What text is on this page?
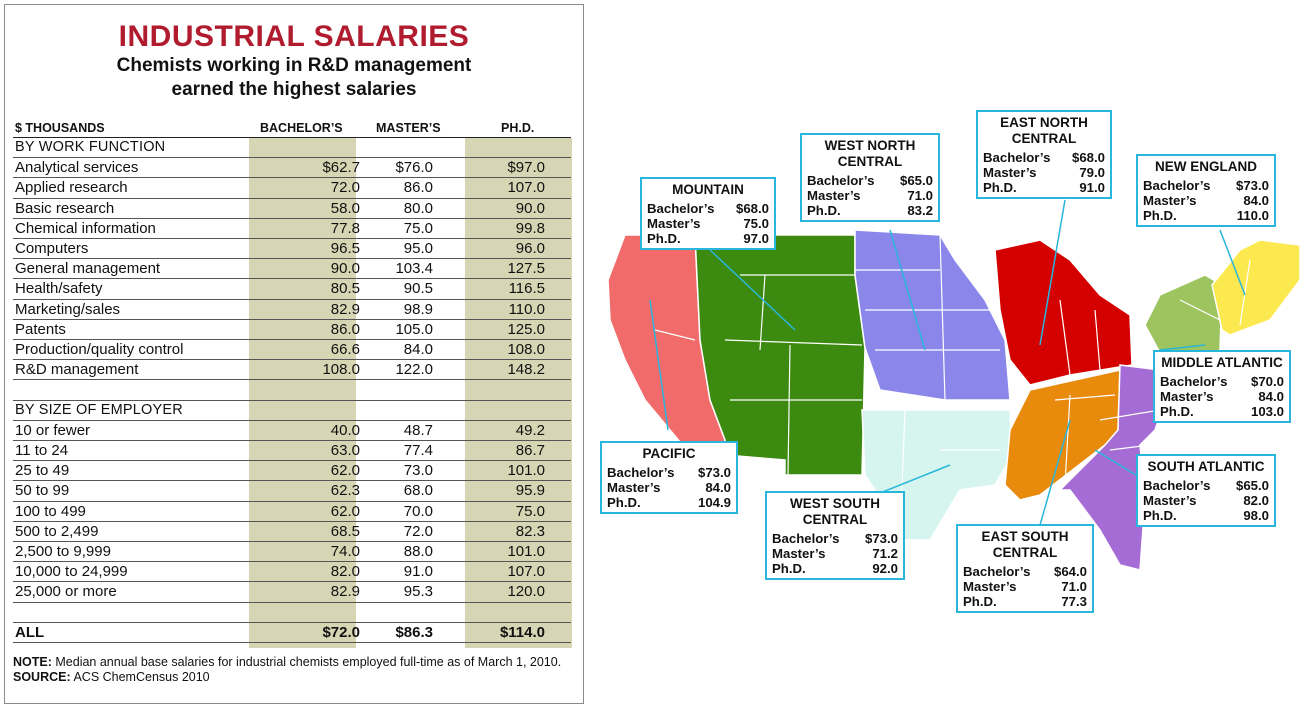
INDUSTRIAL SALARIES
Chemists working in R&D management
earned the highest salaries
$ THOUSANDS	BACHELOR’S	MASTER’S	PH.D.
BY WORK FUNCTION
Analytical services	$62.7 $76.0	$97.0
Applied research	72.0	86.0	107.0
Basic research	58.0	80.0	90.0
Chemical information	77.8	75.0	99.8
Computers	96.5	95.0	96.0
General management	90.0 103.4	127.5
Health/safety	80.5	90.5	116.5
Marketing/sales	82.9	98.9	110.0
Patents	86.0 105.0	125.0
Production/quality control	66.6	84.0	108.0
R&D management	108.0 122.0	148.2
BY SIZE OF EMPLOYER
10 or fewer	40.0	48.7	49.2
11 to 24	63.0	77.4	86.7
25 to 49	62.0	73.0	101.0
50 to 99	62.3	68.0	95.9
100 to 499	62.0	70.0	75.0
500 to 2,499	68.5	72.0	82.3
2,500 to 9,999	74.0	88.0	101.0
10,000 to 24,999	82.0	91.0	107.0
25,000 or more	82.9	95.3	120.0
ALL	$72.0 $86.3	$114.0
NOTE: Median annual base salaries for industrial chemists employed full-time as of March 1, 2010. SOURCE: ACS ChemCensus 2010
PACIFIC
Bachelor’s $73.0
Master’s	84.0
Ph.D.	104.9
MOUNTAIN
Bachelor’s $68.0
Master’s	75.0
Ph.D.	97.0
WEST NORTH CENTRAL
Bachelor’s $65.0
Master’s	71.0
Ph.D.	83.2
EAST NORTH CENTRAL
Bachelor’s $68.0
Master’s	79.0
Ph.D.	91.0
NEW ENGLAND
Bachelor’s $73.0
Master’s	84.0
Ph.D.	110.0
MIDDLE ATLANTIC
Bachelor’s $70.0
Master’s	84.0
Ph.D.	103.0
SOUTH ATLANTIC
Bachelor’s $65.0
Master’s	82.0
Ph.D.	98.0
EAST SOUTH CENTRAL
Bachelor’s $64.0
Master’s	71.0
Ph.D.	77.3
WEST SOUTH CENTRAL
Bachelor’s $73.0
Master’s	71.2
Ph.D.	92.0
